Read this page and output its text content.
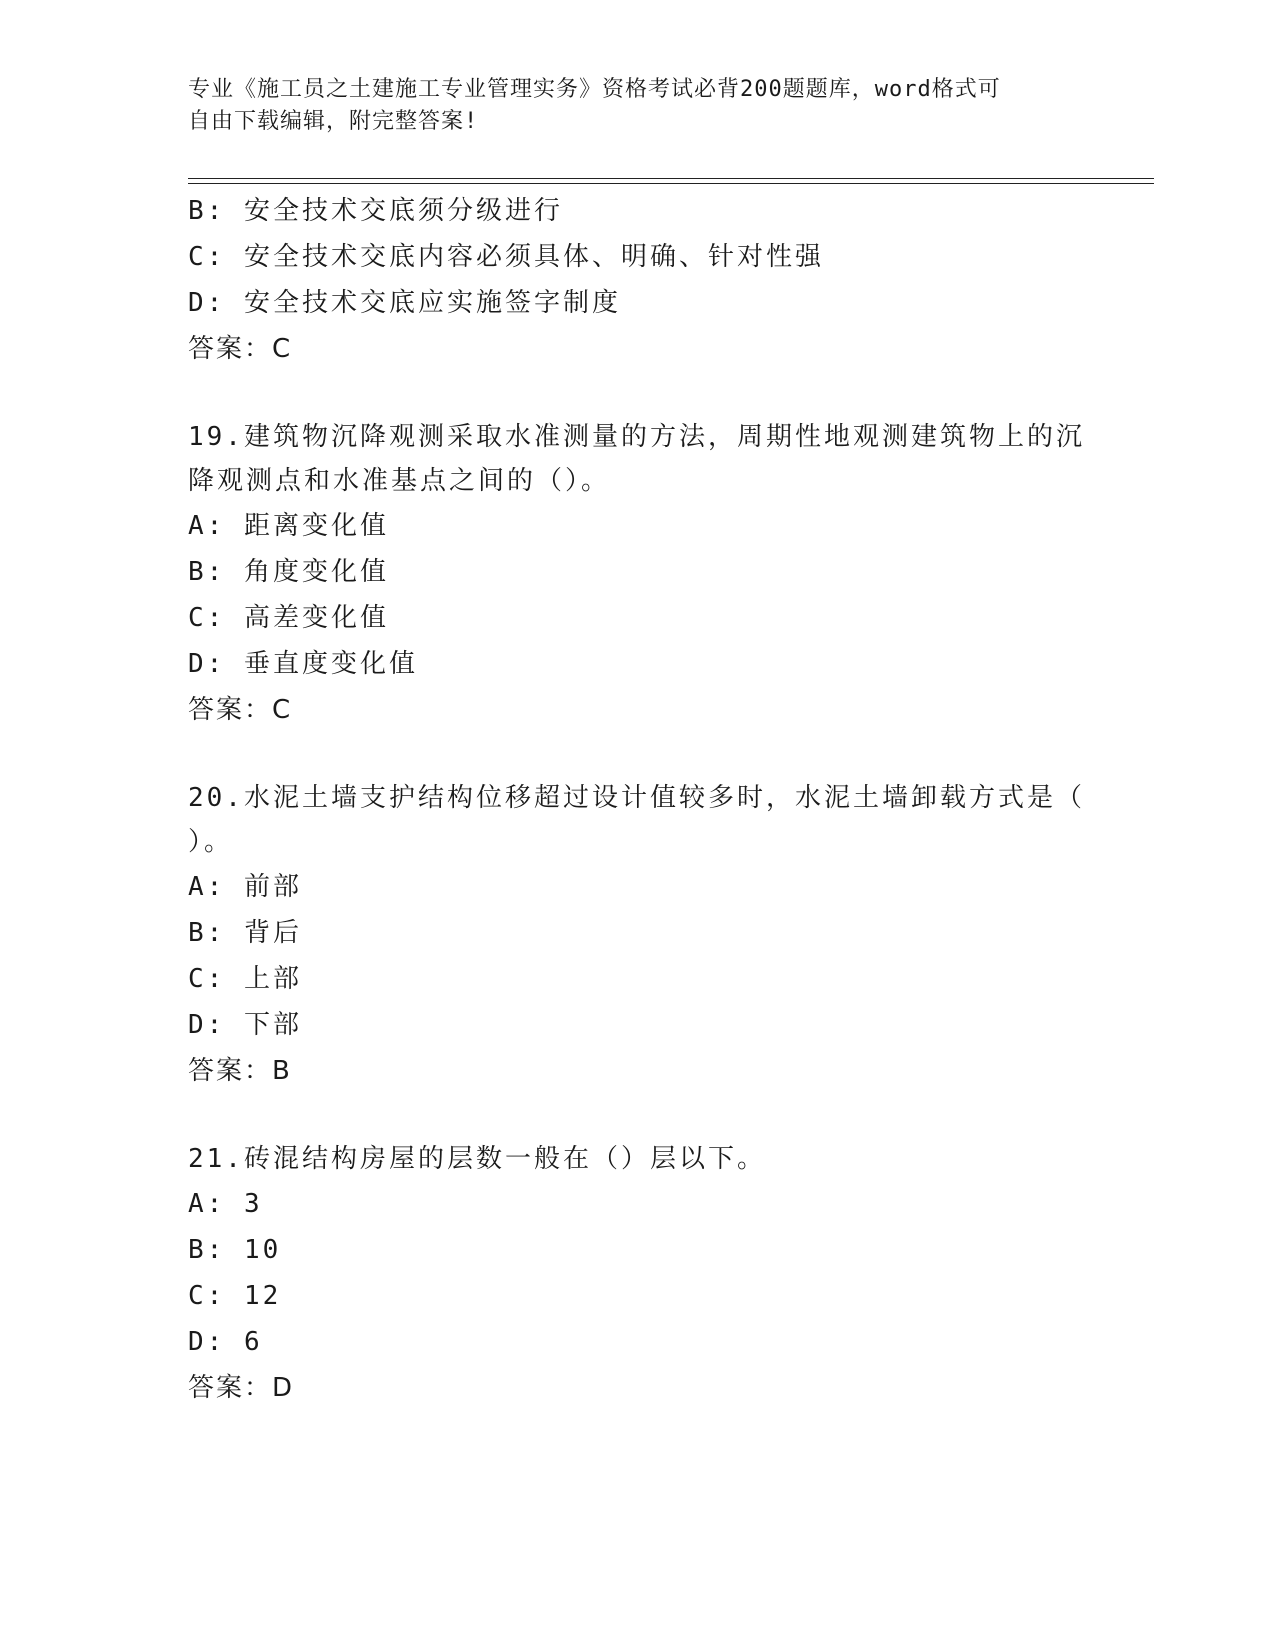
专业《施工员之土建施工专业管理实务》资格考试必背200题题库，word格式可
自由下载编辑，附完整答案!
B: 安全技术交底须分级进行
C: 安全技术交底内容必须具体、明确、针对性强
D: 安全技术交底应实施签字制度
答案：C
19.建筑物沉降观测采取水准测量的方法，周期性地观测建筑物上的沉
降观测点和水准基点之间的（）。
A: 距离变化值
B: 角度变化值
C: 高差变化值
D: 垂直度变化值
答案：C
20.水泥土墙支护结构位移超过设计值较多时，水泥土墙卸载方式是（
）。
A: 前部
B: 背后
C: 上部
D: 下部
答案：B
21.砖混结构房屋的层数一般在（）层以下。
A: 3
B: 10
C: 12
D: 6
答案：D
